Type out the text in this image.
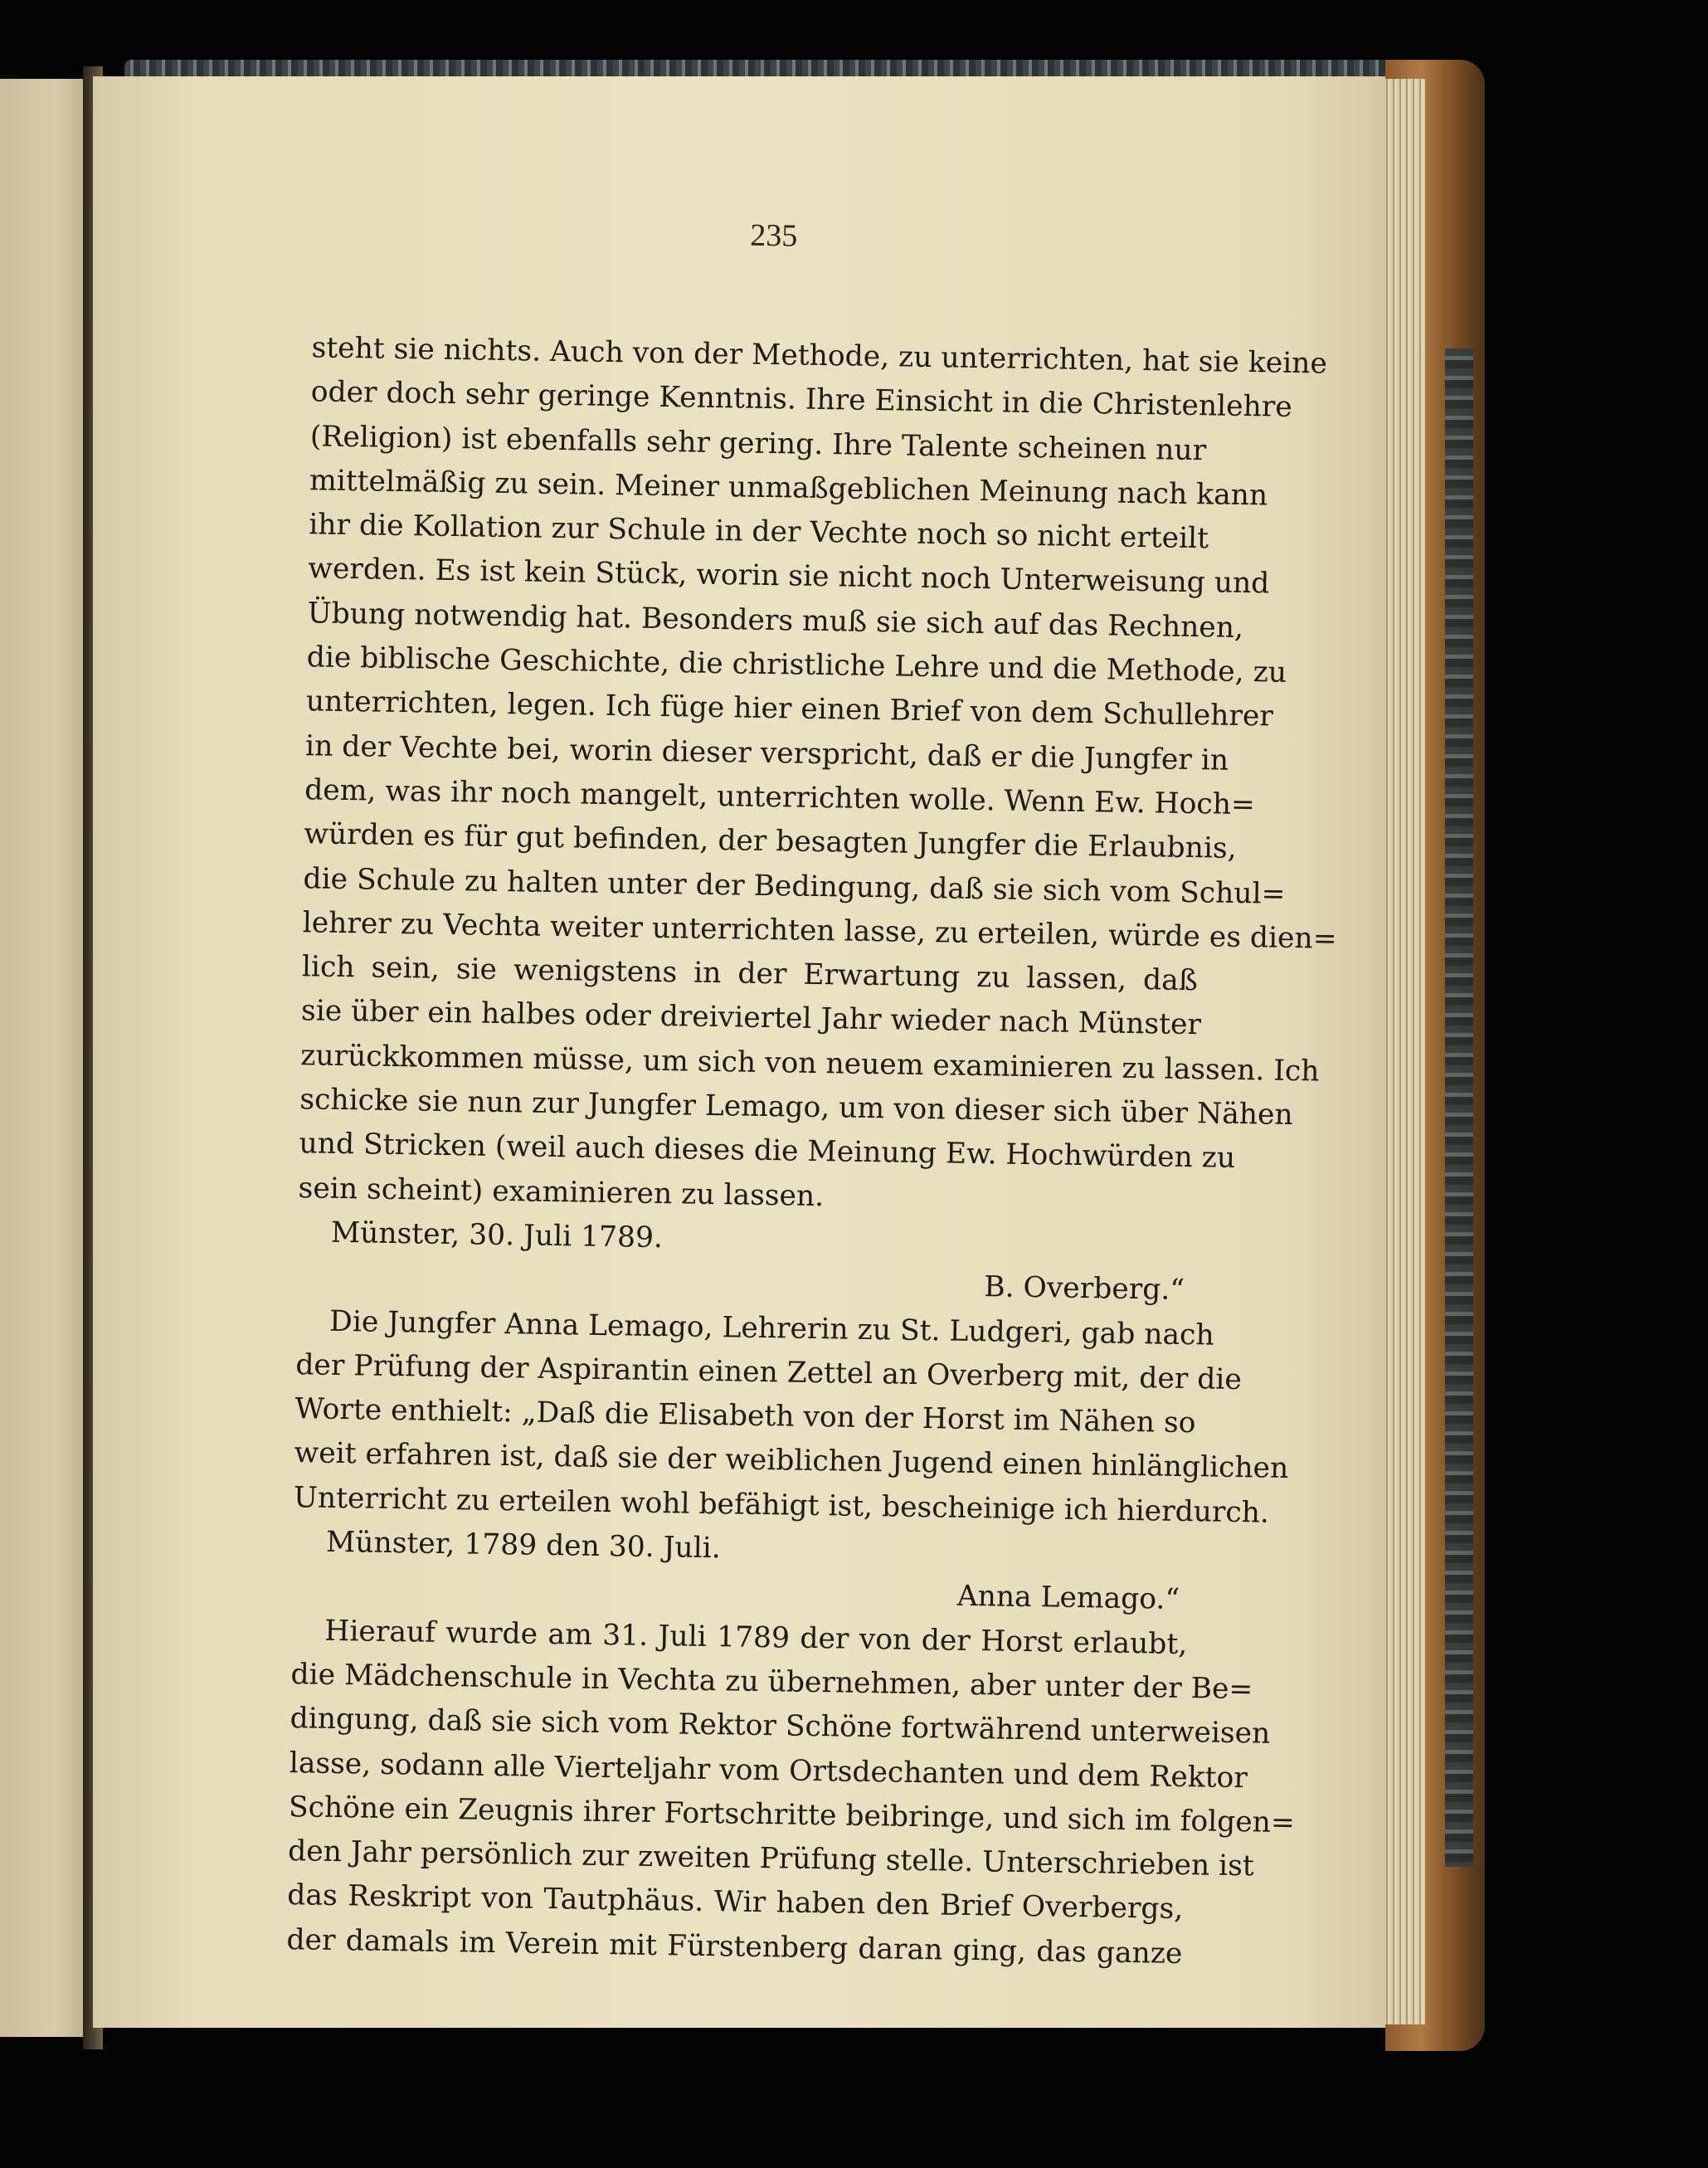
235
steht sie nichts. Auch von der Methode, zu unterrichten, hat sie keine
oder doch sehr geringe Kenntnis. Ihre Einsicht in die Christenlehre
(Religion) ist ebenfalls sehr gering. Ihre Talente scheinen nur
mittelmäßig zu sein. Meiner unmaßgeblichen Meinung nach kann
ihr die Kollation zur Schule in der Vechte noch so nicht erteilt
werden. Es ist kein Stück, worin sie nicht noch Unterweisung und
Übung notwendig hat. Besonders muß sie sich auf das Rechnen,
die biblische Geschichte, die christliche Lehre und die Methode, zu
unterrichten, legen. Ich füge hier einen Brief von dem Schullehrer
in der Vechte bei, worin dieser verspricht, daß er die Jungfer in
dem, was ihr noch mangelt, unterrichten wolle. Wenn Ew. Hoch=
würden es für gut befinden, der besagten Jungfer die Erlaubnis,
die Schule zu halten unter der Bedingung, daß sie sich vom Schul=
lehrer zu Vechta weiter unterrichten lasse, zu erteilen, würde es dien=
lich sein, sie wenigstens in der Erwartung zu lassen, daß
sie über ein halbes oder dreiviertel Jahr wieder nach Münster
zurückkommen müsse, um sich von neuem examinieren zu lassen. Ich
schicke sie nun zur Jungfer Lemago, um von dieser sich über Nähen
und Stricken (weil auch dieses die Meinung Ew. Hochwürden zu
sein scheint) examinieren zu lassen.
Münster, 30. Juli 1789.
B. Overberg.“
Die Jungfer Anna Lemago, Lehrerin zu St. Ludgeri, gab nach
der Prüfung der Aspirantin einen Zettel an Overberg mit, der die
Worte enthielt: „Daß die Elisabeth von der Horst im Nähen so
weit erfahren ist, daß sie der weiblichen Jugend einen hinlänglichen
Unterricht zu erteilen wohl befähigt ist, bescheinige ich hierdurch.
Münster, 1789 den 30. Juli.
Anna Lemago.“
Hierauf wurde am 31. Juli 1789 der von der Horst erlaubt,
die Mädchenschule in Vechta zu übernehmen, aber unter der Be=
dingung, daß sie sich vom Rektor Schöne fortwährend unterweisen
lasse, sodann alle Vierteljahr vom Ortsdechanten und dem Rektor
Schöne ein Zeugnis ihrer Fortschritte beibringe, und sich im folgen=
den Jahr persönlich zur zweiten Prüfung stelle. Unterschrieben ist
das Reskript von Tautphäus. Wir haben den Brief Overbergs,
der damals im Verein mit Fürstenberg daran ging, das ganze
